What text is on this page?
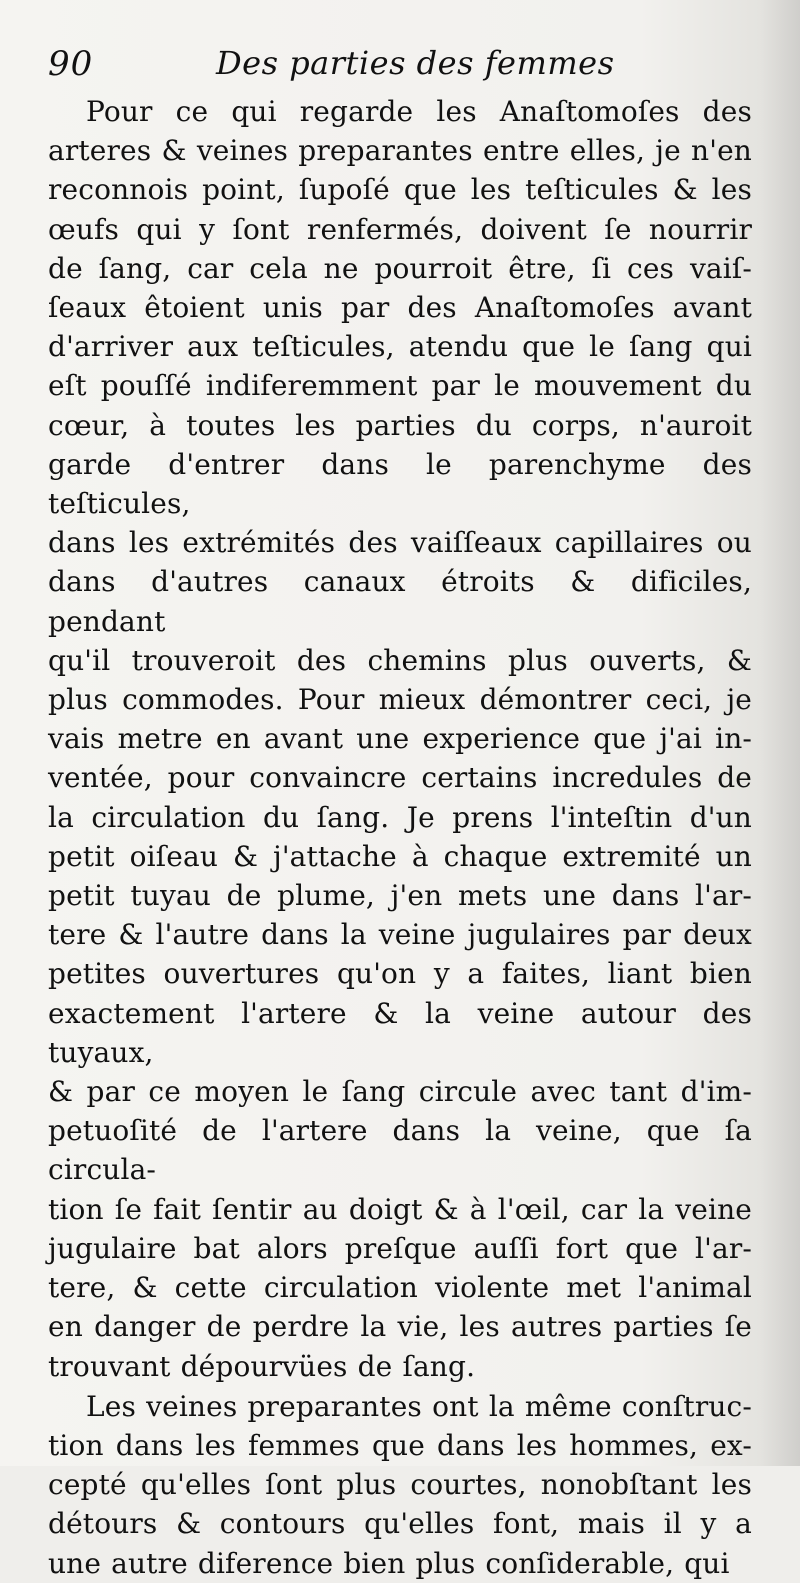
90	Des parties des femmes

Pour ce qui regarde les Anaſtomoſes des
arteres & veines preparantes entre elles, je n'en
reconnois point, ſupoſé que les teſticules & les
œufs qui y ſont renfermés, doivent ſe nourrir
de ſang, car cela ne pourroit être, ſi ces vaiſ-
ſeaux êtoient unis par des Anaſtomoſes avant
d'arriver aux teſticules, atendu que le ſang qui
eſt pouſſé indiferemment par le mouvement du
cœur, à toutes les parties du corps, n'auroit
garde d'entrer dans le parenchyme des teſticules,
dans les extrémités des vaiſſeaux capillaires ou
dans d'autres canaux étroits & dificiles, pendant
qu'il trouveroit des chemins plus ouverts, &
plus commodes. Pour mieux démontrer ceci, je
vais metre en avant une experience que j'ai in-
ventée, pour convaincre certains incredules de
la circulation du ſang. Je prens l'inteſtin d'un
petit oiſeau & j'attache à chaque extremité un
petit tuyau de plume, j'en mets une dans l'ar-
tere & l'autre dans la veine jugulaires par deux
petites ouvertures qu'on y a faites, liant bien
exactement l'artere & la veine autour des tuyaux,
& par ce moyen le ſang circule avec tant d'im-
petuoſité de l'artere dans la veine, que ſa circula-
tion ſe fait ſentir au doigt & à l'œil, car la veine
jugulaire bat alors preſque auſſi fort que l'ar-
tere, & cette circulation violente met l'animal
en danger de perdre la vie, les autres parties ſe
trouvant dépourvües de ſang.

Les veines preparantes ont la même conſtruc-
tion dans les femmes que dans les hommes, ex-
cepté qu'elles ſont plus courtes, nonobſtant les
détours & contours qu'elles font, mais il y a
une autre diference bien plus conſiderable, qui
